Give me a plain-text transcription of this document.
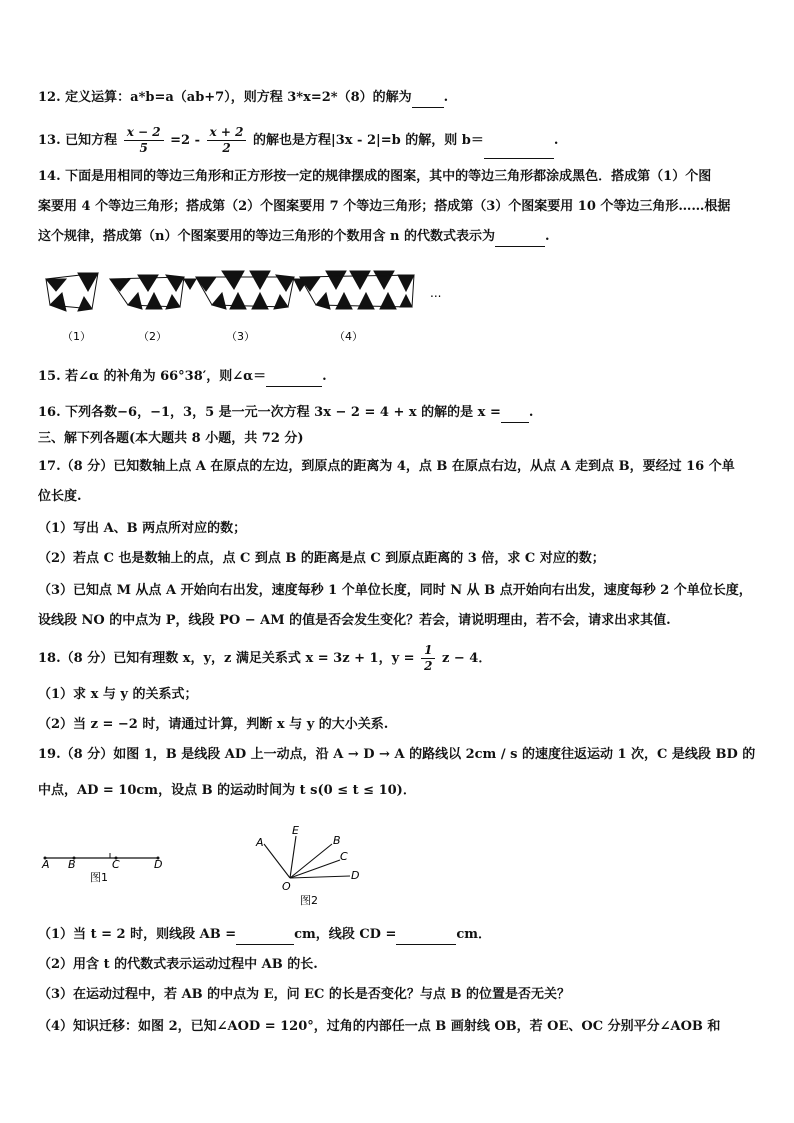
12. 定义运算：a*b=a（ab+7），则方程 3*x=2*（8）的解为 .
13. 已知方程 $\frac{x - 2}{5} =2 - \frac{x + 2}{2}$ 的解也是方程|3x - 2|=b 的解，则 b＝	.
14. 下面是用相同的等边三角形和正方形按一定的规律摆成的图案，其中的等边三角形都涂成黑色．搭成第（1）个图
案要用 4 个等边三角形；搭成第（2）个图案要用 7 个等边三角形；搭成第（3）个图案要用 10 个等边三角形……根据
这个规律，搭成第（n）个图案要用的等边三角形的个数用含 n 的代数式表示为	.
（1）	（2）	（3）	（4）
...
15. 若∠α 的补角为 66°38′，则∠α＝	.
16. 下列各数−6，−1，3，5 是一元一次方程 3x − 2 = 4 + x 的解的是 x = .
三、解下列各题(本大题共 8 小题，共 72 分)
17.（8 分）已知数轴上点 A 在原点的左边，到原点的距离为 4，点 B 在原点右边，从点 A 走到点 B，要经过 16 个单
位长度.
（1）写出 A、B 两点所对应的数；
（2）若点 C 也是数轴上的点，点 C 到点 B 的距离是点 C 到原点距离的 3 倍，求 C 对应的数；
（3）已知点 M 从点 A 开始向右出发，速度每秒 1 个单位长度，同时 N 从 B 点开始向右出发，速度每秒 2 个单位长度，
设线段 NO 的中点为 P，线段 PO − AM 的值是否会发生变化？若会，请说明理由，若不会，请求出求其值.
18.（8 分）已知有理数 x，y，z 满足关系式 x = 3z + 1，$y = \frac{1}{2}$ z − 4．
（1）求 x 与 y 的关系式；
（2）当 z = −2 时，请通过计算，判断 x 与 y 的大小关系.
19.（8 分）如图 1，B 是线段 AD 上一动点，沿 A → D → A 的路线以 2cm / s 的速度往返运动 1 次，C 是线段 BD 的
中点，AD = 10cm，设点 B 的运动时间为 t s(0 ≤ t ≤ 10)．
A B	C	D
图1
A
E
B
C
D
O
图2
（1）当 t = 2 时，则线段 AB =	cm，线段 CD =	cm．
（2）用含 t 的代数式表示运动过程中 AB 的长.
（3）在运动过程中，若 AB 的中点为 E，问 EC 的长是否变化？与点 B 的位置是否无关？
（4）知识迁移：如图 2，已知∠AOD = 120°，过角的内部任一点 B 画射线 OB，若 OE、OC 分别平分∠AOB 和
